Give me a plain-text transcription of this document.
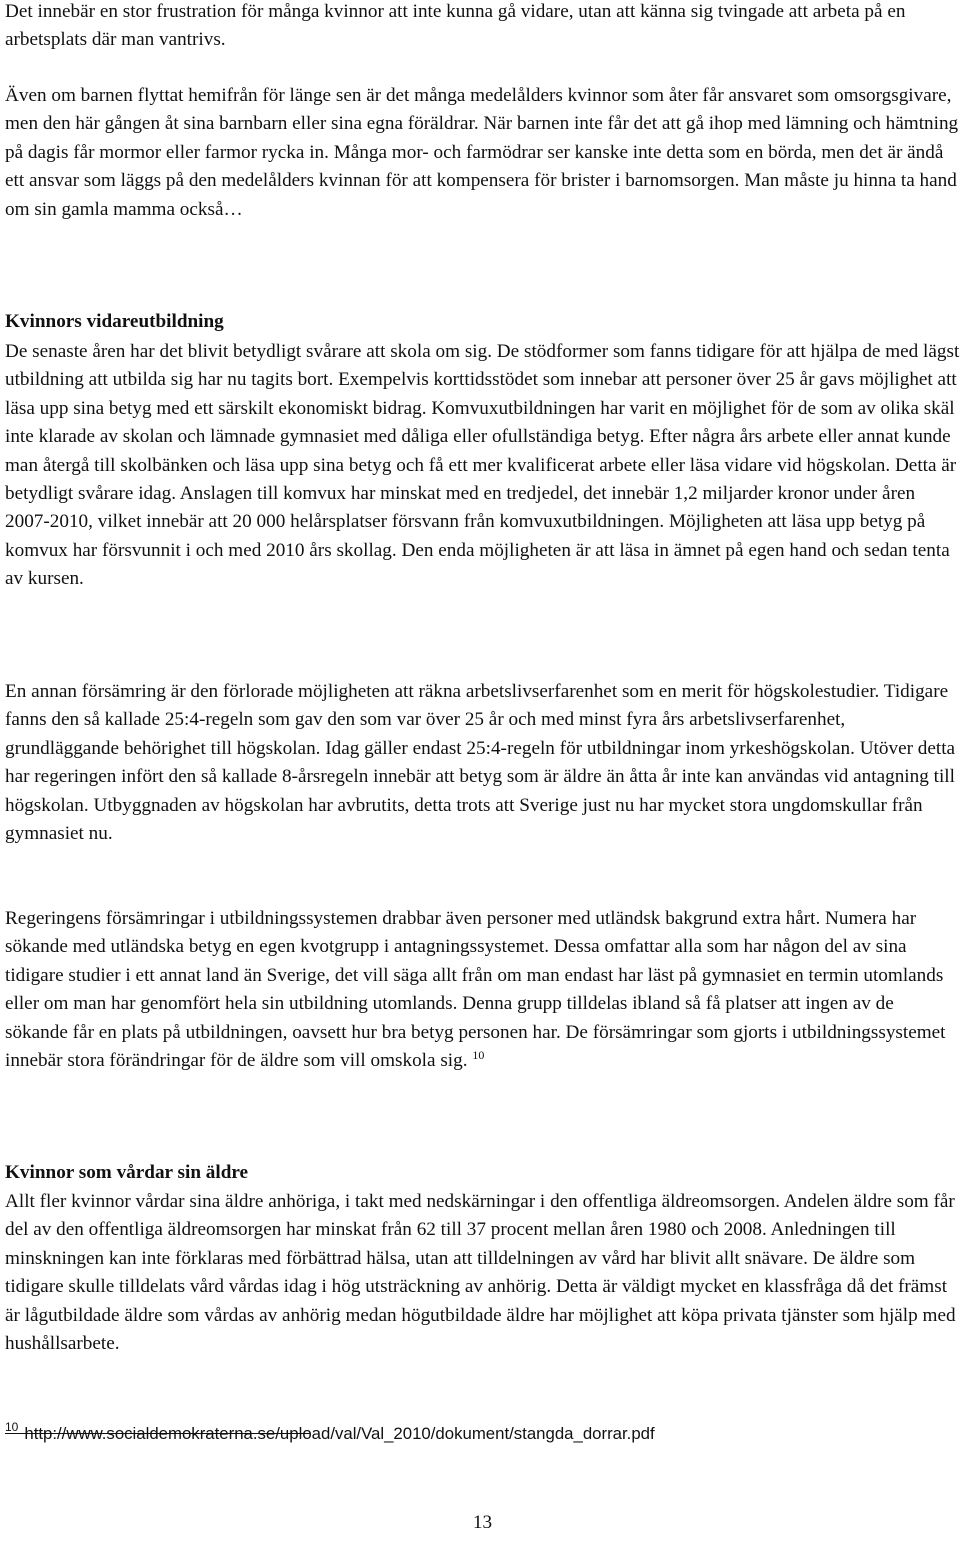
Det innebär en stor frustration för många kvinnor att inte kunna gå vidare, utan att känna sig tvingade att arbeta på en arbetsplats där man vantrivs.

Även om barnen flyttat hemifrån för länge sen är det många medelålders kvinnor som åter får ansvaret som omsorgsgivare, men den här gången åt sina barnbarn eller sina egna föräldrar. När barnen inte får det att gå ihop med lämning och hämtning på dagis får mormor eller farmor rycka in. Många mor- och farmödrar ser kanske inte detta som en börda, men det är ändå ett ansvar som läggs på den medelålders kvinnan för att kompensera för brister i barnomsorgen. Man måste ju hinna ta hand om sin gamla mamma också…

Kvinnors vidareutbildning

De senaste åren har det blivit betydligt svårare att skola om sig. De stödformer som fanns tidigare för att hjälpa de med lägst utbildning att utbilda sig har nu tagits bort. Exempelvis korttidsstödet som innebar att personer över 25 år gavs möjlighet att läsa upp sina betyg med ett särskilt ekonomiskt bidrag. Komvuxutbildningen har varit en möjlighet för de som av olika skäl inte klarade av skolan och lämnade gymnasiet med dåliga eller ofullständiga betyg. Efter några års arbete eller annat kunde man återgå till skolbänken och läsa upp sina betyg och få ett mer kvalificerat arbete eller läsa vidare vid högskolan. Detta är betydligt svårare idag. Anslagen till komvux har minskat med en tredjedel, det innebär 1,2 miljarder kronor under åren 2007-2010, vilket innebär att 20 000 helårsplatser försvann från komvuxutbildningen. Möjligheten att läsa upp betyg på komvux har försvunnit i och med 2010 års skollag. Den enda möjligheten är att läsa in ämnet på egen hand och sedan tenta av kursen.

En annan försämring är den förlorade möjligheten att räkna arbetslivserfarenhet som en merit för högskolestudier. Tidigare fanns den så kallade 25:4-regeln som gav den som var över 25 år och med minst fyra års arbetslivserfarenhet, grundläggande behörighet till högskolan. Idag gäller endast 25:4-regeln för utbildningar inom yrkeshögskolan. Utöver detta har regeringen infört den så kallade 8-årsregeln innebär att betyg som är äldre än åtta år inte kan användas vid antagning till högskolan. Utbyggnaden av högskolan har avbrutits, detta trots att Sverige just nu har mycket stora ungdomskullar från gymnasiet nu.

Regeringens försämringar i utbildningssystemen drabbar även personer med utländsk bakgrund extra hårt. Numera har sökande med utländska betyg en egen kvotgrupp i antagningssystemet. Dessa omfattar alla som har någon del av sina tidigare studier i ett annat land än Sverige, det vill säga allt från om man endast har läst på gymnasiet en termin utomlands eller om man har genomfört hela sin utbildning utomlands. Denna grupp tilldelas ibland så få platser att ingen av de sökande får en plats på utbildningen, oavsett hur bra betyg personen har. De försämringar som gjorts i utbildningssystemet innebär stora förändringar för de äldre som vill omskola sig. $^{10}$

Kvinnor som vårdar sin äldre

Allt fler kvinnor vårdar sina äldre anhöriga, i takt med nedskärningar i den offentliga äldreomsorgen. Andelen äldre som får del av den offentliga äldreomsorgen har minskat från 62 till 37 procent mellan åren 1980 och 2008. Anledningen till minskningen kan inte förklaras med förbättrad hälsa, utan att tilldelningen av vård har blivit allt snävare. De äldre som tidigare skulle tilldelats vård vårdas idag i hög utsträckning av anhörig. Detta är väldigt mycket en klassfråga då det främst är lågutbildade äldre som vårdas av anhörig medan högutbildade äldre har möjlighet att köpa privata tjänster som hjälp med hushållsarbete.

$^{10}$ http://www.socialdemokraterna.se/upload/val/Val_2010/dokument/stangda_dorrar.pdf
13
